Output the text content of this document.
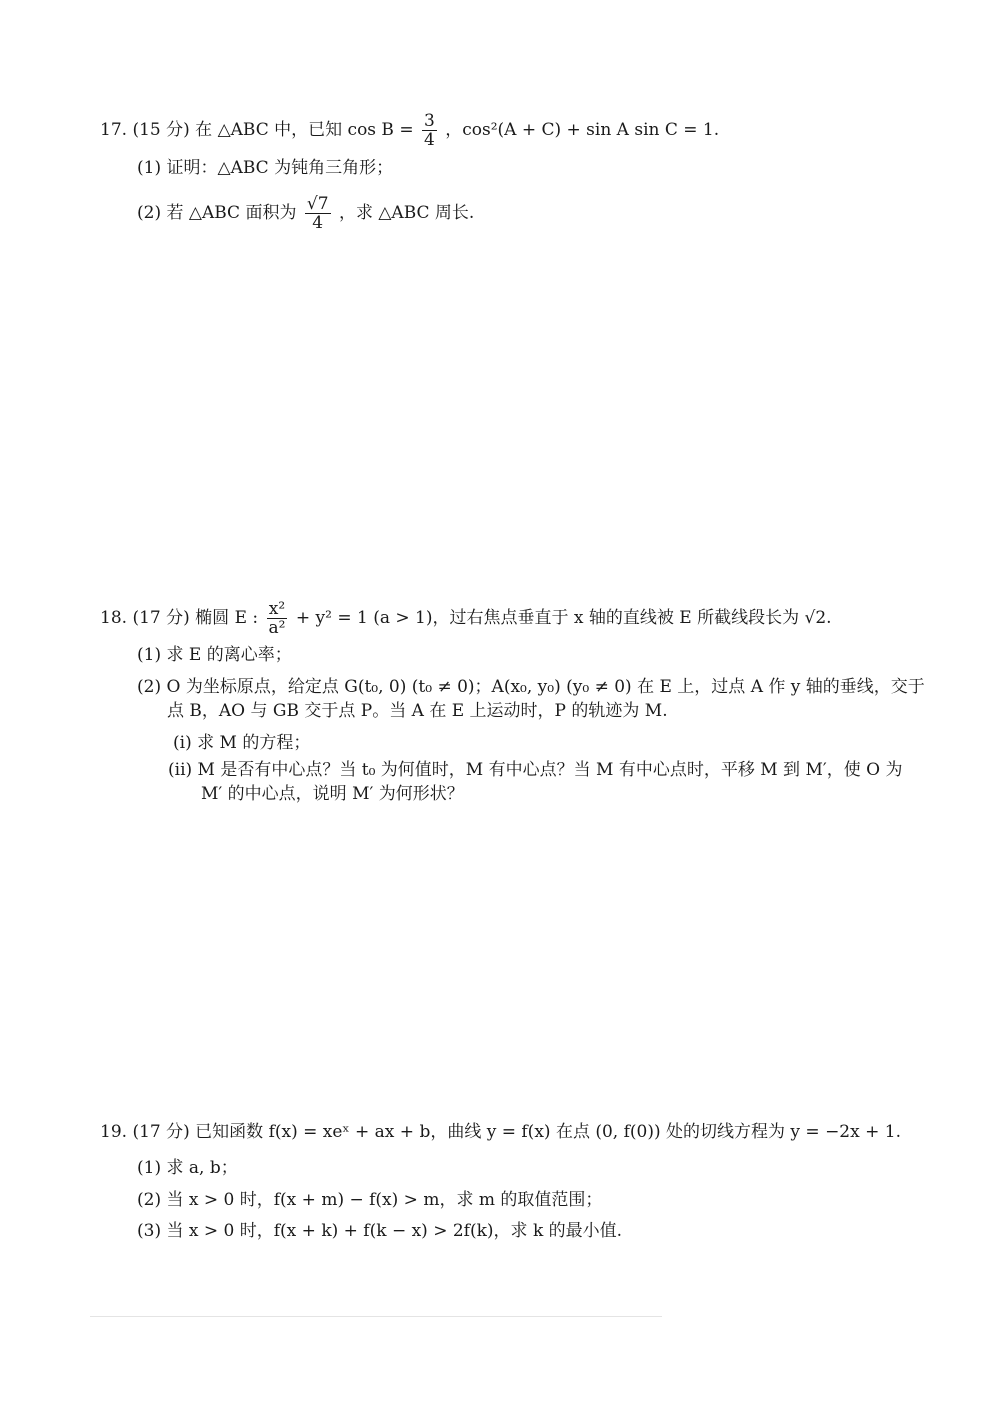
17. (15 分) 在 △ABC 中，已知 $\cos B = \frac{3}{4}$ ，cos²(A + C) + sin A sin C = 1.
(1) 证明：△ABC 为钝角三角形；
(2) 若 △ABC 面积为 $\frac{√7}{4}$ ，求 △ABC 周长.
18. (17 分) 椭圆 E : $\frac{\text{x²}}{\text{a²}} + y^2 = 1$ (a > 1)，过右焦点垂直于 x 轴的直线被 E 所截线段长为 √2.
(1) 求 E 的离心率；
(2) O 为坐标原点，给定点 G(t₀, 0) (t₀ ≠ 0)；A(x₀, y₀) (y₀ ≠ 0) 在 E 上，过点 A 作 y 轴的垂线，交于
点 B，AO 与 GB 交于点 P。当 A 在 E 上运动时，P 的轨迹为 M.
(i) 求 M 的方程；
(ii) M 是否有中心点？当 t₀ 为何值时，M 有中心点？当 M 有中心点时，平移 M 到 M′，使 O 为
M′ 的中心点，说明 M′ 为何形状？
19. (17 分) 已知函数 f(x) = xeˣ + ax + b，曲线 y = f(x) 在点 (0, f(0)) 处的切线方程为 y = −2x + 1.
(1) 求 a, b；
(2) 当 x > 0 时，f(x + m) − f(x) > m，求 m 的取值范围；
(3) 当 x > 0 时，f(x + k) + f(k − x) > 2f(k)，求 k 的最小值.
